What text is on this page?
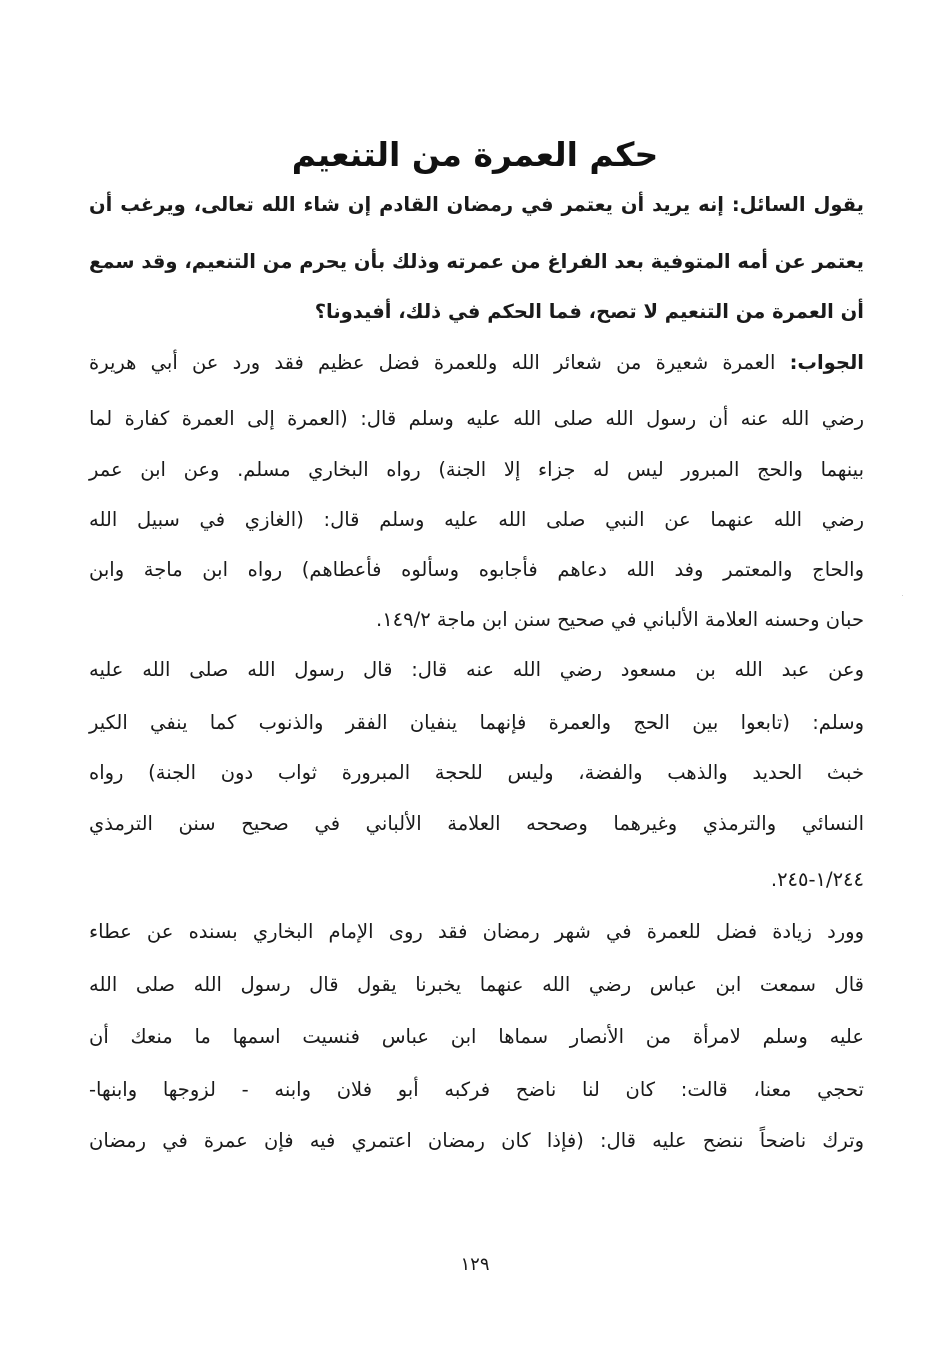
حكم العمرة من التنعيم

يقول السائل: إنه يريد أن يعتمر في رمضان القادم إن شاء الله تعالى، ويرغب أن

يعتمر عن أمه المتوفية بعد الفراغ من عمرته وذلك بأن يحرم من التنعيم، وقد سمع

أن العمرة من التنعيم لا تصح، فما الحكم في ذلك، أفيدونا؟

الجواب: العمرة شعيرة من شعائر الله وللعمرة فضل عظيم فقد ورد عن أبي هريرة

رضي الله عنه أن رسول الله صلى الله عليه وسلم قال: (العمرة إلى العمرة كفارة لما

بينهما والحج المبرور ليس له جزاء إلا الجنة) رواه البخاري مسلم. وعن ابن عمر

رضي الله عنهما عن النبي صلى الله عليه وسلم قال: (الغازي في سبيل الله

والحاج والمعتمر وفد الله دعاهم فأجابوه وسألوه فأعطاهم) رواه ابن ماجة وابن

حبان وحسنه العلامة الألباني في صحيح سنن ابن ماجة ١٤٩/٢.

وعن عبد الله بن مسعود رضي الله عنه قال: قال رسول الله صلى الله عليه

وسلم: (تابعوا بين الحج والعمرة فإنهما ينفيان الفقر والذنوب كما ينفي الكير

خبث الحديد والذهب والفضة، وليس للحجة المبرورة ثواب دون الجنة) رواه

النسائي والترمذي وغيرهما وصححه العلامة الألباني في صحيح سنن الترمذي

١/٢٤٤-٢٤٥.

وورد زيادة فضل للعمرة في شهر رمضان فقد روى الإمام البخاري بسنده عن عطاء

قال سمعت ابن عباس رضي الله عنهما يخبرنا يقول قال رسول الله صلى الله

عليه وسلم لامرأة من الأنصار سماها ابن عباس فنسيت اسمها ما منعك أن

تحجي معنا، قالت: كان لنا ناضح فركبه أبو فلان وابنه - لزوجها وابنها-

وترك ناضحاً ننضح عليه قال: (فإذا كان رمضان اعتمري فيه فإن عمرة في رمضان

١٢٩
